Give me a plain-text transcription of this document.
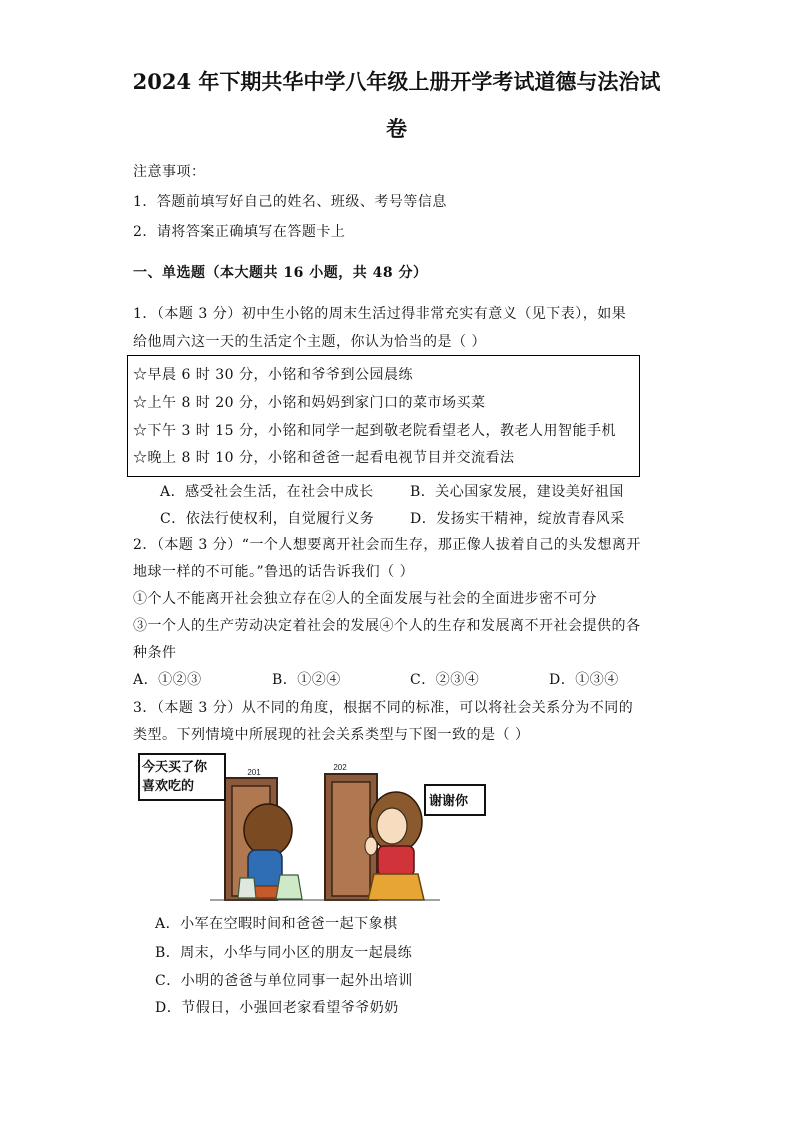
2024 年下期共华中学八年级上册开学考试道德与法治试
卷
注意事项：
1．答题前填写好自己的姓名、班级、考号等信息
2．请将答案正确填写在答题卡上
一、单选题（本大题共 16 小题，共 48 分）
1．（本题 3 分）初中生小铭的周末生活过得非常充实有意义（见下表），如果
给他周六这一天的生活定个主题，你认为恰当的是（ ）
☆早晨 6 时 30 分，小铭和爷爷到公园晨练
☆上午 8 时 20 分，小铭和妈妈到家门口的菜市场买菜
☆下午 3 时 15 分，小铭和同学一起到敬老院看望老人，教老人用智能手机
☆晚上 8 时 10 分，小铭和爸爸一起看电视节目并交流看法
A．感受社会生活，在社会中成长	B．关心国家发展，建设美好祖国
C．依法行使权利，自觉履行义务	D．发扬实干精神，绽放青春风采
2．（本题 3 分）“一个人想要离开社会而生存，那正像人拔着自己的头发想离开
地球一样的不可能。”鲁迅的话告诉我们（ ）
①个人不能离开社会独立存在②人的全面发展与社会的全面进步密不可分
③一个人的生产劳动决定着社会的发展④个人的生存和发展离不开社会提供的各
种条件
A．①②③	B．①②④	C．②③④	D．①③④
3．（本题 3 分）从不同的角度，根据不同的标准，可以将社会关系分为不同的
类型。下列情境中所展现的社会关系类型与下图一致的是（ ）
201
202
今天买了你
喜欢吃的
谢谢你
A．小军在空暇时间和爸爸一起下象棋
B．周末，小华与同小区的朋友一起晨练
C．小明的爸爸与单位同事一起外出培训
D．节假日，小强回老家看望爷爷奶奶
